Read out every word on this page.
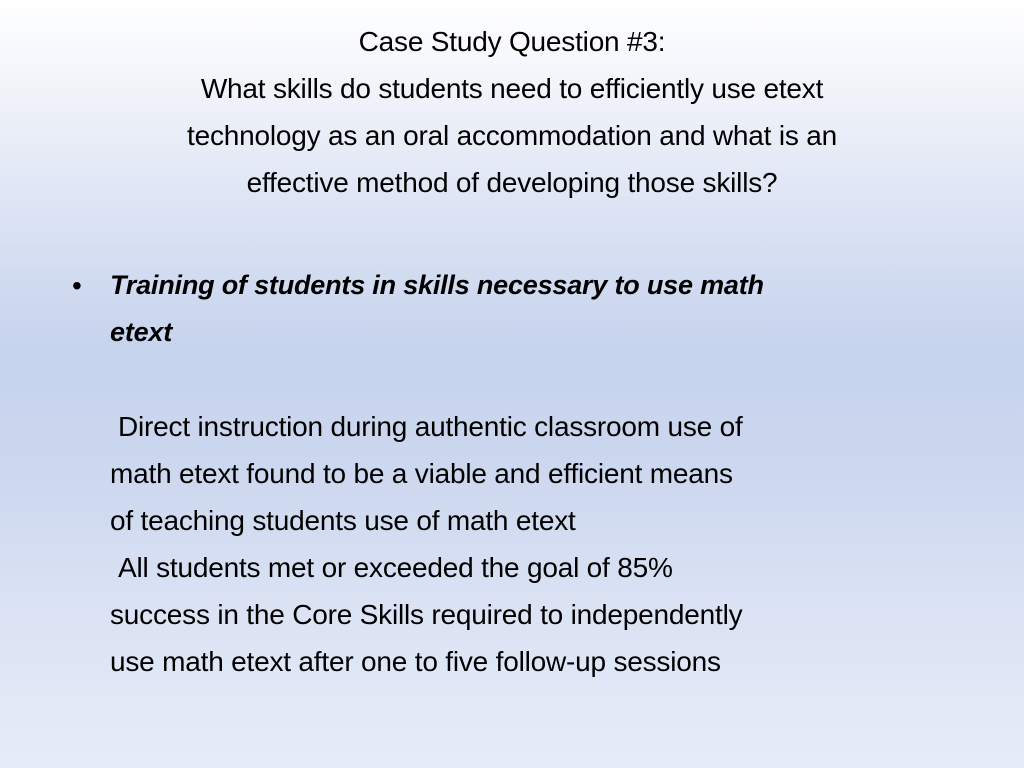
Case Study Question #3:
What skills do students need to efficiently use etext
technology as an oral accommodation and what is an
effective method of developing those skills?
• Training of students in skills necessary to use math
etext
Direct instruction during authentic classroom use of
math etext found to be a viable and efficient means
of teaching students use of math etext
All students met or exceeded the goal of 85%
success in the Core Skills required to independently
use math etext after one to five follow-up sessions
